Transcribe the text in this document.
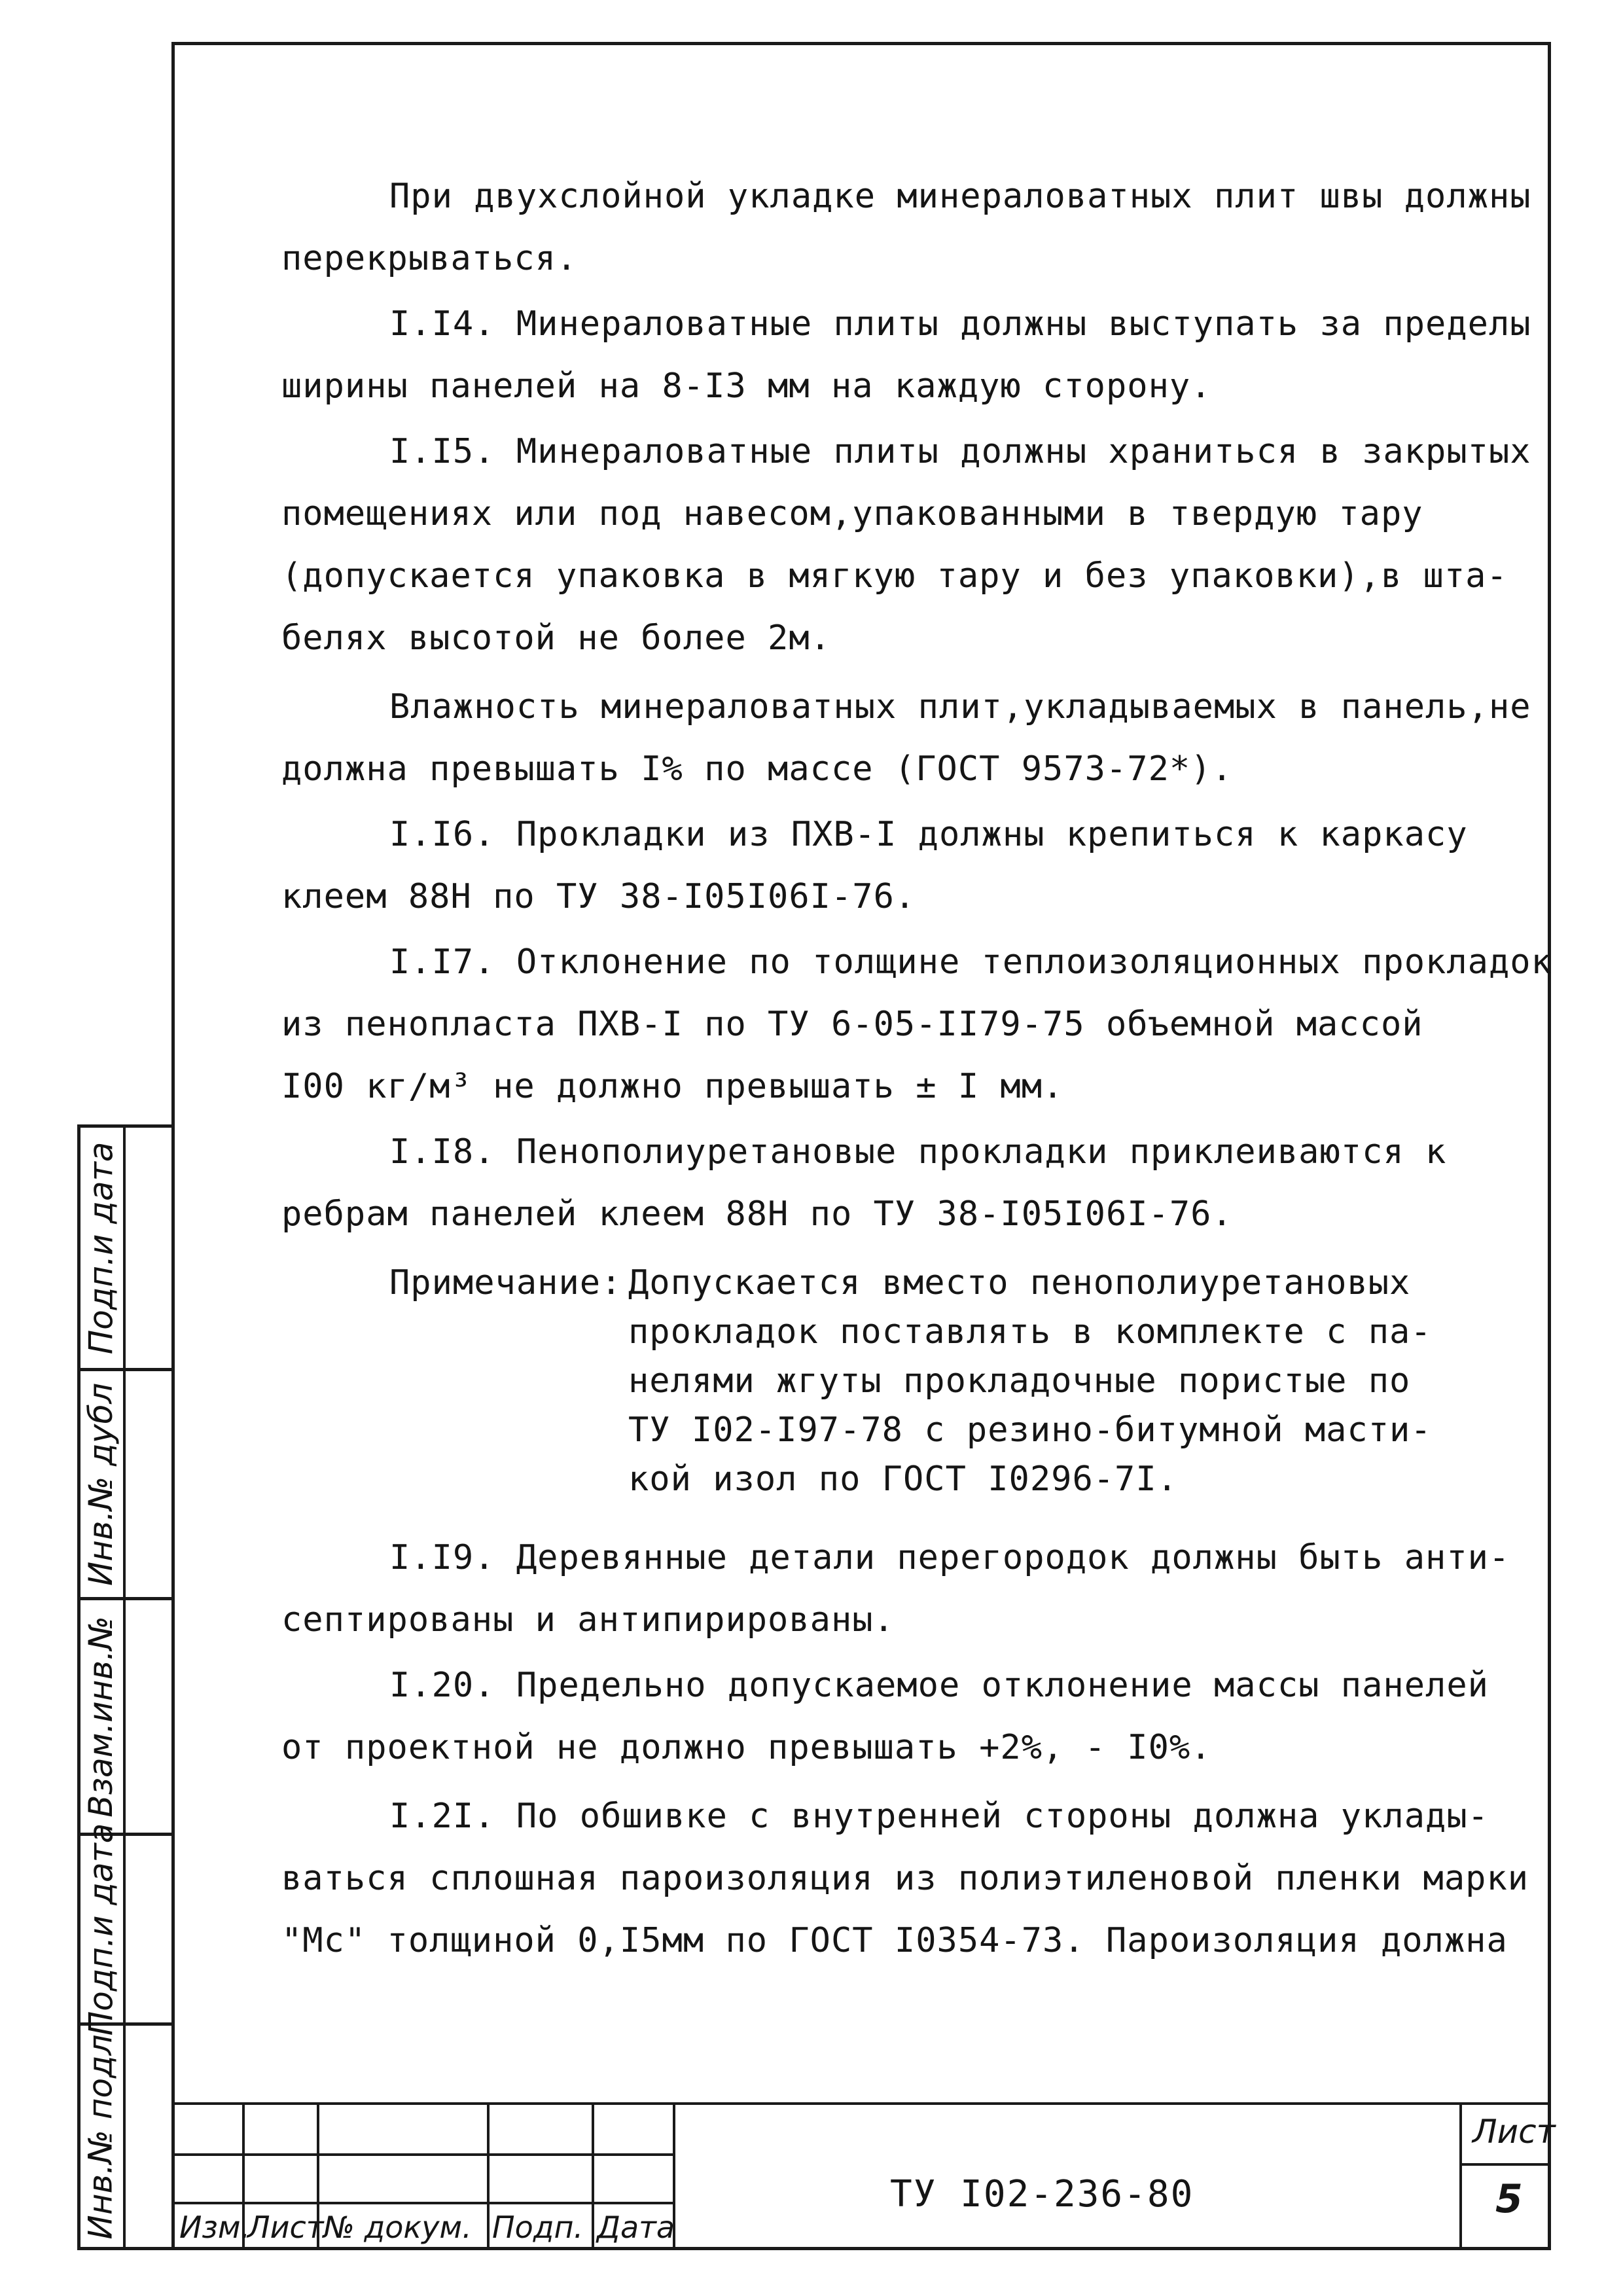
Подп.и дата
Инв.№ дубл
Взам.инв.№
Подп.и дата
Инв.№ подл
При двухслойной укладке минераловатных плит швы должны
перекрываться.
I.I4. Минераловатные плиты должны выступать за пределы
ширины панелей на 8-I3 мм на каждую сторону.
I.I5. Минераловатные плиты должны храниться в закрытых
помещениях или под навесом,упакованными в твердую тару
(допускается упаковка в мягкую тару и без упаковки),в шта-
белях высотой не более 2м.
Влажность минераловатных плит,укладываемых в панель,не
должна превышать I% по массе (ГОСТ 9573-72*).
I.I6. Прокладки из ПХВ-I должны крепиться к каркасу
клеем 88Н по ТУ 38-I05I06I-76.
I.I7. Отклонение по толщине теплоизоляционных прокладок
из пенопласта ПХВ-I по ТУ 6-05-II79-75 объемной массой
I00 кг/м³ не должно превышать ± I мм.
I.I8. Пенополиуретановые прокладки приклеиваются к
ребрам панелей клеем 88Н по ТУ 38-I05I06I-76.
Примечание: Допускается вместо пенополиуретановых
прокладок поставлять в комплекте с па-
нелями жгуты прокладочные пористые по
ТУ I02-I97-78 с резино-битумной масти-
кой изол по ГОСТ I0296-7I.
I.I9. Деревянные детали перегородок должны быть анти-
септированы и антипирированы.
I.20. Предельно допускаемое отклонение массы панелей
от проектной не должно превышать +2%, - I0%.
I.2I. По обшивке с внутренней стороны должна уклады-
ваться сплошная пароизоляция из полиэтиленовой пленки марки
"Мс" толщиной 0,I5мм по ГОСТ I0354-73. Пароизоляция должна
Изм.
Лист № докум. Подп. Дата
ТУ I02-236-80
Лист
5
